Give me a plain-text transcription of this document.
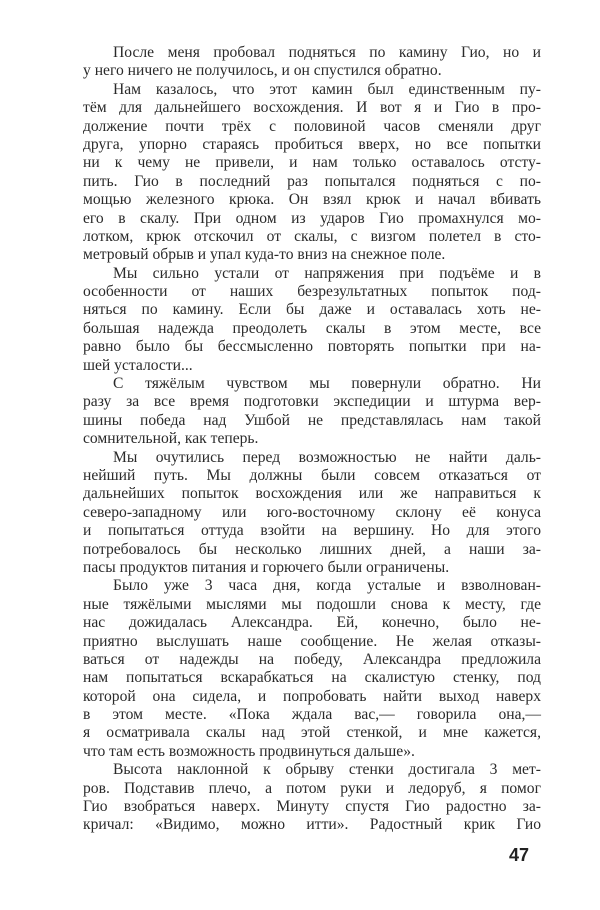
После меня пробовал подняться по камину Гио, но и
у него ничего не получилось, и он спустился обратно.
Нам казалось, что этот камин был единственным пу-
тём для дальнейшего восхождения. И вот я и Гио в про-
должение почти трёх с половиной часов сменяли друг
друга, упорно стараясь пробиться вверх, но все попытки
ни к чему не привели, и нам только оставалось отсту-
пить. Гио в последний раз попытался подняться с по-
мощью железного крюка. Он взял крюк и начал вбивать
его в скалу. При одном из ударов Гио промахнулся мо-
лотком, крюк отскочил от скалы, с визгом полетел в сто-
метровый обрыв и упал куда-то вниз на снежное поле.
Мы сильно устали от напряжения при подъёме и в
особенности от наших безрезультатных попыток под-
няться по камину. Если бы даже и оставалась хоть не-
большая надежда преодолеть скалы в этом месте, все
равно было бы бессмысленно повторять попытки при на-
шей усталости...
С тяжёлым чувством мы повернули обратно. Ни
разу за все время подготовки экспедиции и штурма вер-
шины победа над Ушбой не представлялась нам такой
сомнительной, как теперь.
Мы очутились перед возможностью не найти даль-
нейший путь. Мы должны были совсем отказаться от
дальнейших попыток восхождения или же направиться к
северо-западному или юго-восточному склону её конуса
и попытаться оттуда взойти на вершину. Но для этого
потребовалось бы несколько лишних дней, а наши за-
пасы продуктов питания и горючего были ограничены.
Было уже 3 часа дня, когда усталые и взволнован-
ные тяжёлыми мыслями мы подошли снова к месту, где
нас дожидалась Александра. Ей, конечно, было не-
приятно выслушать наше сообщение. Не желая отказы-
ваться от надежды на победу, Александра предложила
нам попытаться вскарабкаться на скалистую стенку, под
которой она сидела, и попробовать найти выход наверх
в этом месте. «Пока ждала вас,— говорила она,—
я осматривала скалы над этой стенкой, и мне кажется,
что там есть возможность продвинуться дальше».
Высота наклонной к обрыву стенки достигала 3 мет-
ров. Подставив плечо, а потом руки и ледоруб, я помог
Гио взобраться наверх. Минуту спустя Гио радостно за-
кричал: «Видимо, можно итти». Радостный крик Гио
47
